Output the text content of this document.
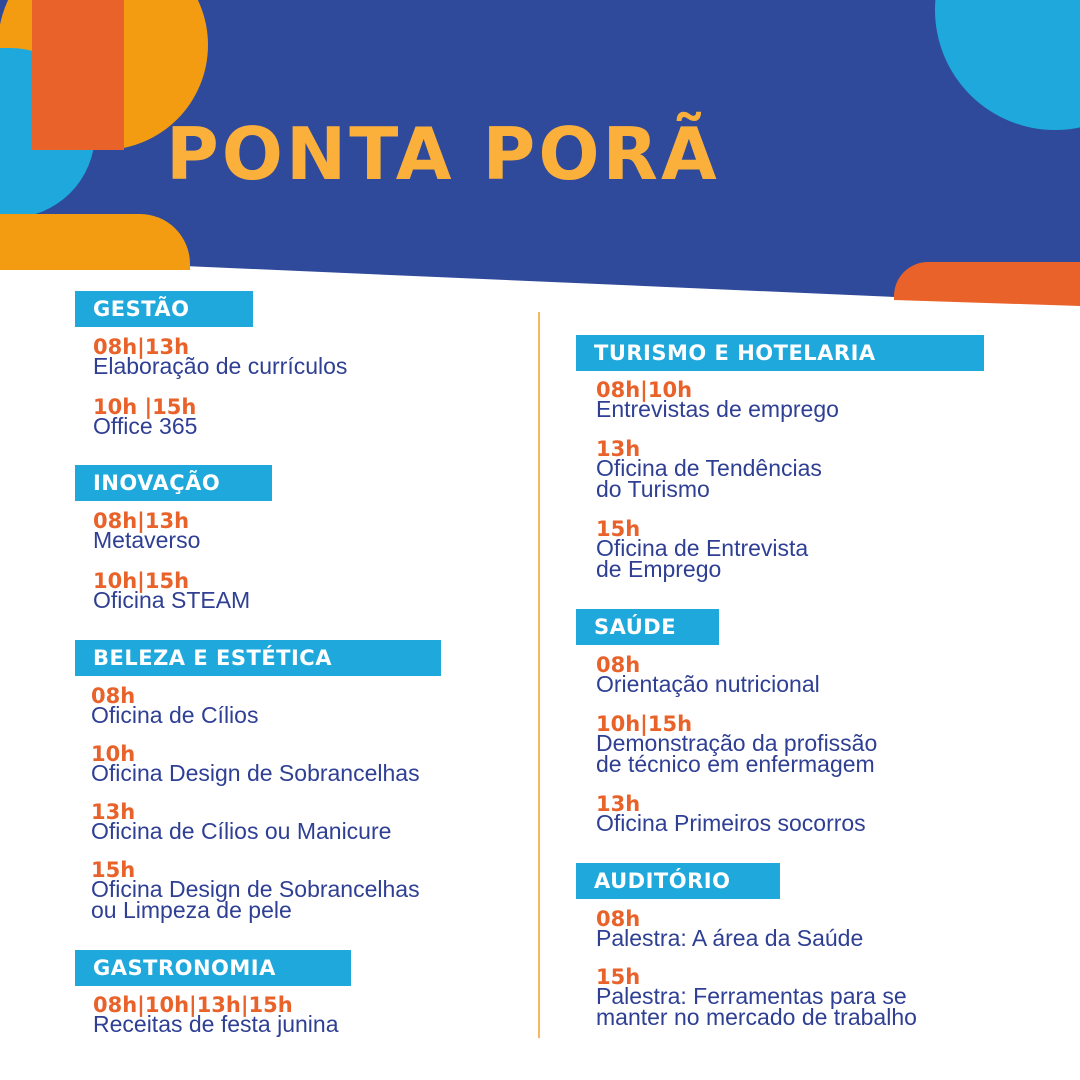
PONTA PORÃ
GESTÃO
08h|13h
Elaboração de currículos
10h |15h
Office 365
INOVAÇÃO
08h|13h
Metaverso
10h|15h
Oficina STEAM
BELEZA E ESTÉTICA
08h
Oficina de Cílios
10h
Oficina Design de Sobrancelhas
13h
Oficina de Cílios ou Manicure
15h
Oficina Design de Sobrancelhas
ou Limpeza de pele
GASTRONOMIA
08h|10h|13h|15h
Receitas de festa junina
TURISMO E HOTELARIA
08h|10h
Entrevistas de emprego
13h
Oficina de Tendências
do Turismo
15h
Oficina de Entrevista
de Emprego
SAÚDE
08h
Orientação nutricional
10h|15h
Demonstração da profissão
de técnico em enfermagem
13h
Oficina Primeiros socorros
AUDITÓRIO
08h
Palestra: A área da Saúde
15h
Palestra: Ferramentas para se
manter no mercado de trabalho
